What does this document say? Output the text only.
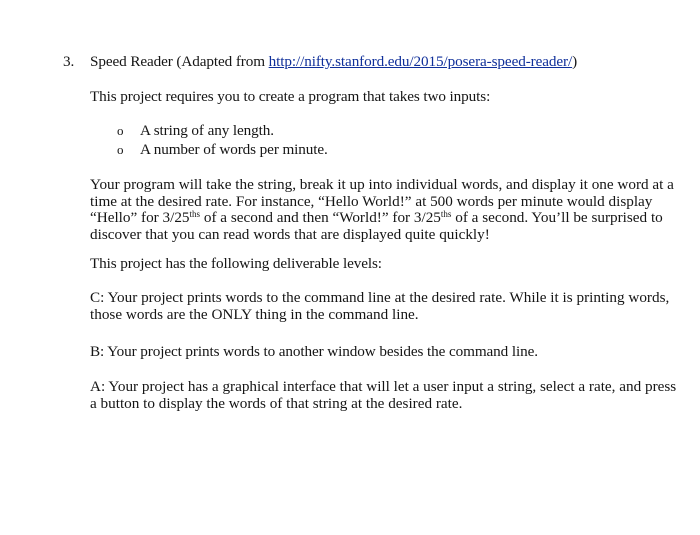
3. Speed Reader (Adapted from http://nifty.stanford.edu/2015/posera-speed-reader/)
This project requires you to create a program that takes two inputs:
o A string of any length.
o A number of words per minute.
Your program will take the string, break it up into individual words, and display it one word at a
time at the desired rate. For instance, “Hello World!” at 500 words per minute would display
“Hello” for $3/25^{ths}$ of a second and then “World!” for $3/25^{ths}$ of a second. You’ll be surprised to
discover that you can read words that are displayed quite quickly!
This project has the following deliverable levels:
C: Your project prints words to the command line at the desired rate. While it is printing words,
those words are the ONLY thing in the command line.
B: Your project prints words to another window besides the command line.
A: Your project has a graphical interface that will let a user input a string, select a rate, and press
a button to display the words of that string at the desired rate.
